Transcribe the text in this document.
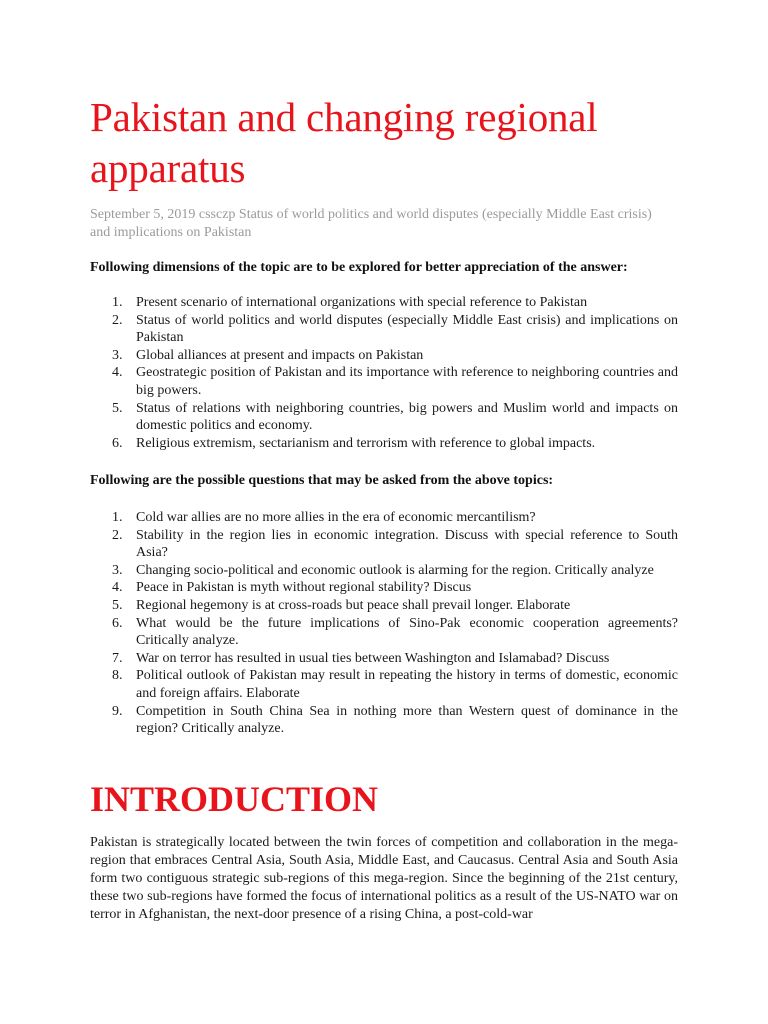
Pakistan and changing regional apparatus

September 5, 2019 cssczp Status of world politics and world disputes (especially Middle East crisis) and implications on Pakistan

Following dimensions of the topic are to be explored for better appreciation of the answer:

1. Present scenario of international organizations with special reference to Pakistan
2. Status of world politics and world disputes (especially Middle East crisis) and implications on Pakistan
3. Global alliances at present and impacts on Pakistan
4. Geostrategic position of Pakistan and its importance with reference to neighboring countries and big powers.
5. Status of relations with neighboring countries, big powers and Muslim world and impacts on domestic politics and economy.
6. Religious extremism, sectarianism and terrorism with reference to global impacts.

Following are the possible questions that may be asked from the above topics:

1. Cold war allies are no more allies in the era of economic mercantilism?
2. Stability in the region lies in economic integration. Discuss with special reference to South Asia?
3. Changing socio-political and economic outlook is alarming for the region. Critically analyze
4. Peace in Pakistan is myth without regional stability? Discus
5. Regional hegemony is at cross-roads but peace shall prevail longer. Elaborate
6. What would be the future implications of Sino-Pak economic cooperation agreements? Critically analyze.
7. War on terror has resulted in usual ties between Washington and Islamabad? Discuss
8. Political outlook of Pakistan may result in repeating the history in terms of domestic, economic and foreign affairs. Elaborate
9. Competition in South China Sea in nothing more than Western quest of dominance in the region? Critically analyze.
INTRODUCTION

Pakistan is strategically located between the twin forces of competition and collaboration in the mega-region that embraces Central Asia, South Asia, Middle East, and Caucasus. Central Asia and South Asia form two contiguous strategic sub-regions of this mega-region. Since the beginning of the 21st century, these two sub-regions have formed the focus of international politics as a result of the US-NATO war on terror in Afghanistan, the next-door presence of a rising China, a post-cold-war
